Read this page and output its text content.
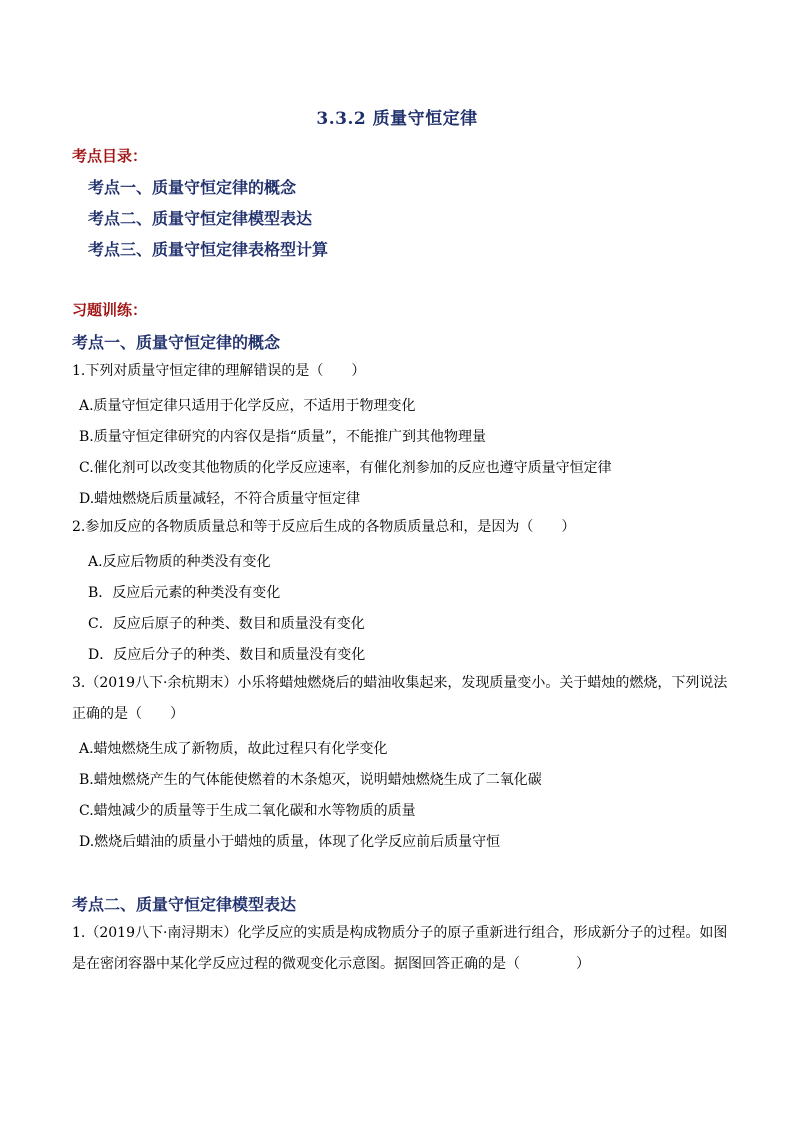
3.3.2 质量守恒定律
考点目录：
考点一、质量守恒定律的概念
考点二、质量守恒定律模型表达
考点三、质量守恒定律表格型计算
习题训练：
考点一、质量守恒定律的概念
1.下列对质量守恒定律的理解错误的是（　　）
A.质量守恒定律只适用于化学反应，不适用于物理变化
B.质量守恒定律研究的内容仅是指“质量”，不能推广到其他物理量
C.催化剂可以改变其他物质的化学反应速率，有催化剂参加的反应也遵守质量守恒定律
D.蜡烛燃烧后质量减轻，不符合质量守恒定律
2.参加反应的各物质质量总和等于反应后生成的各物质质量总和，是因为（　　）
A.反应后物质的种类没有变化
B．反应后元素的种类没有变化
C．反应后原子的种类、数目和质量没有变化
D．反应后分子的种类、数目和质量没有变化
3.（2019八下·余杭期末）小乐将蜡烛燃烧后的蜡油收集起来，发现质量变小。关于蜡烛的燃烧，下列说法正确的是（　　）
A.蜡烛燃烧生成了新物质，故此过程只有化学变化
B.蜡烛燃烧产生的气体能使燃着的木条熄灭，说明蜡烛燃烧生成了二氧化碳
C.蜡烛减少的质量等于生成二氧化碳和水等物质的质量
D.燃烧后蜡油的质量小于蜡烛的质量，体现了化学反应前后质量守恒
考点二、质量守恒定律模型表达
1.（2019八下·南浔期末）化学反应的实质是构成物质分子的原子重新进行组合，形成新分子的过程。如图是在密闭容器中某化学反应过程的微观变化示意图。据图回答正确的是（　　　　）
